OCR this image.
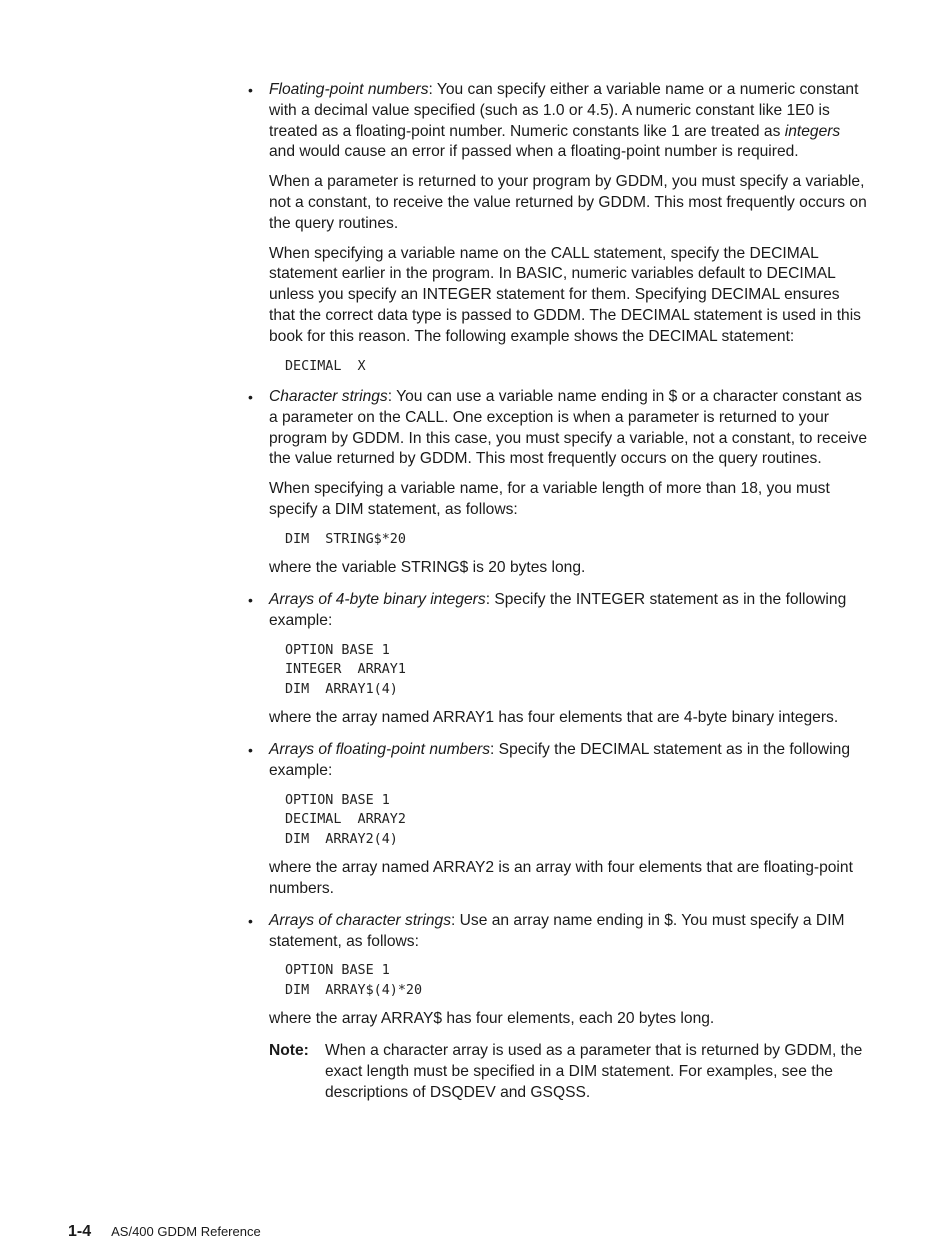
• Floating-point numbers: You can specify either a variable name or a numeric constant with a decimal value specified (such as 1.0 or 4.5). A numeric constant like 1E0 is treated as a floating-point number. Numeric constants like 1 are treated as integers and would cause an error if passed when a floating-point number is required.

When a parameter is returned to your program by GDDM, you must specify a variable, not a constant, to receive the value returned by GDDM. This most frequently occurs on the query routines.

When specifying a variable name on the CALL statement, specify the DECIMAL statement earlier in the program. In BASIC, numeric variables default to DECIMAL unless you specify an INTEGER statement for them. Specifying DECIMAL ensures that the correct data type is passed to GDDM. The DECIMAL statement is used in this book for this reason. The following example shows the DECIMAL statement:

DECIMAL  X
• Character strings: You can use a variable name ending in $ or a character constant as a parameter on the CALL. One exception is when a parameter is returned to your program by GDDM. In this case, you must specify a variable, not a constant, to receive the value returned by GDDM. This most frequently occurs on the query routines.

When specifying a variable name, for a variable length of more than 18, you must specify a DIM statement, as follows:

DIM  STRING$*20

where the variable STRING$ is 20 bytes long.

• Arrays of 4-byte binary integers: Specify the INTEGER statement as in the following example:

OPTION BASE 1
INTEGER  ARRAY1
DIM  ARRAY1(4)

where the array named ARRAY1 has four elements that are 4-byte binary integers.

• Arrays of floating-point numbers: Specify the DECIMAL statement as in the following example:

OPTION BASE 1
DECIMAL  ARRAY2
DIM  ARRAY2(4)

where the array named ARRAY2 is an array with four elements that are floating-point numbers.

• Arrays of character strings: Use an array name ending in $. You must specify a DIM statement, as follows:

OPTION BASE 1
DIM  ARRAY$(4)*20

where the array ARRAY$ has four elements, each 20 bytes long.

Note:	When a character array is used as a parameter that is returned by GDDM, the exact length must be specified in a DIM statement. For examples, see the descriptions of DSQDEV and GSQSS.
1-4 AS/400 GDDM Reference
